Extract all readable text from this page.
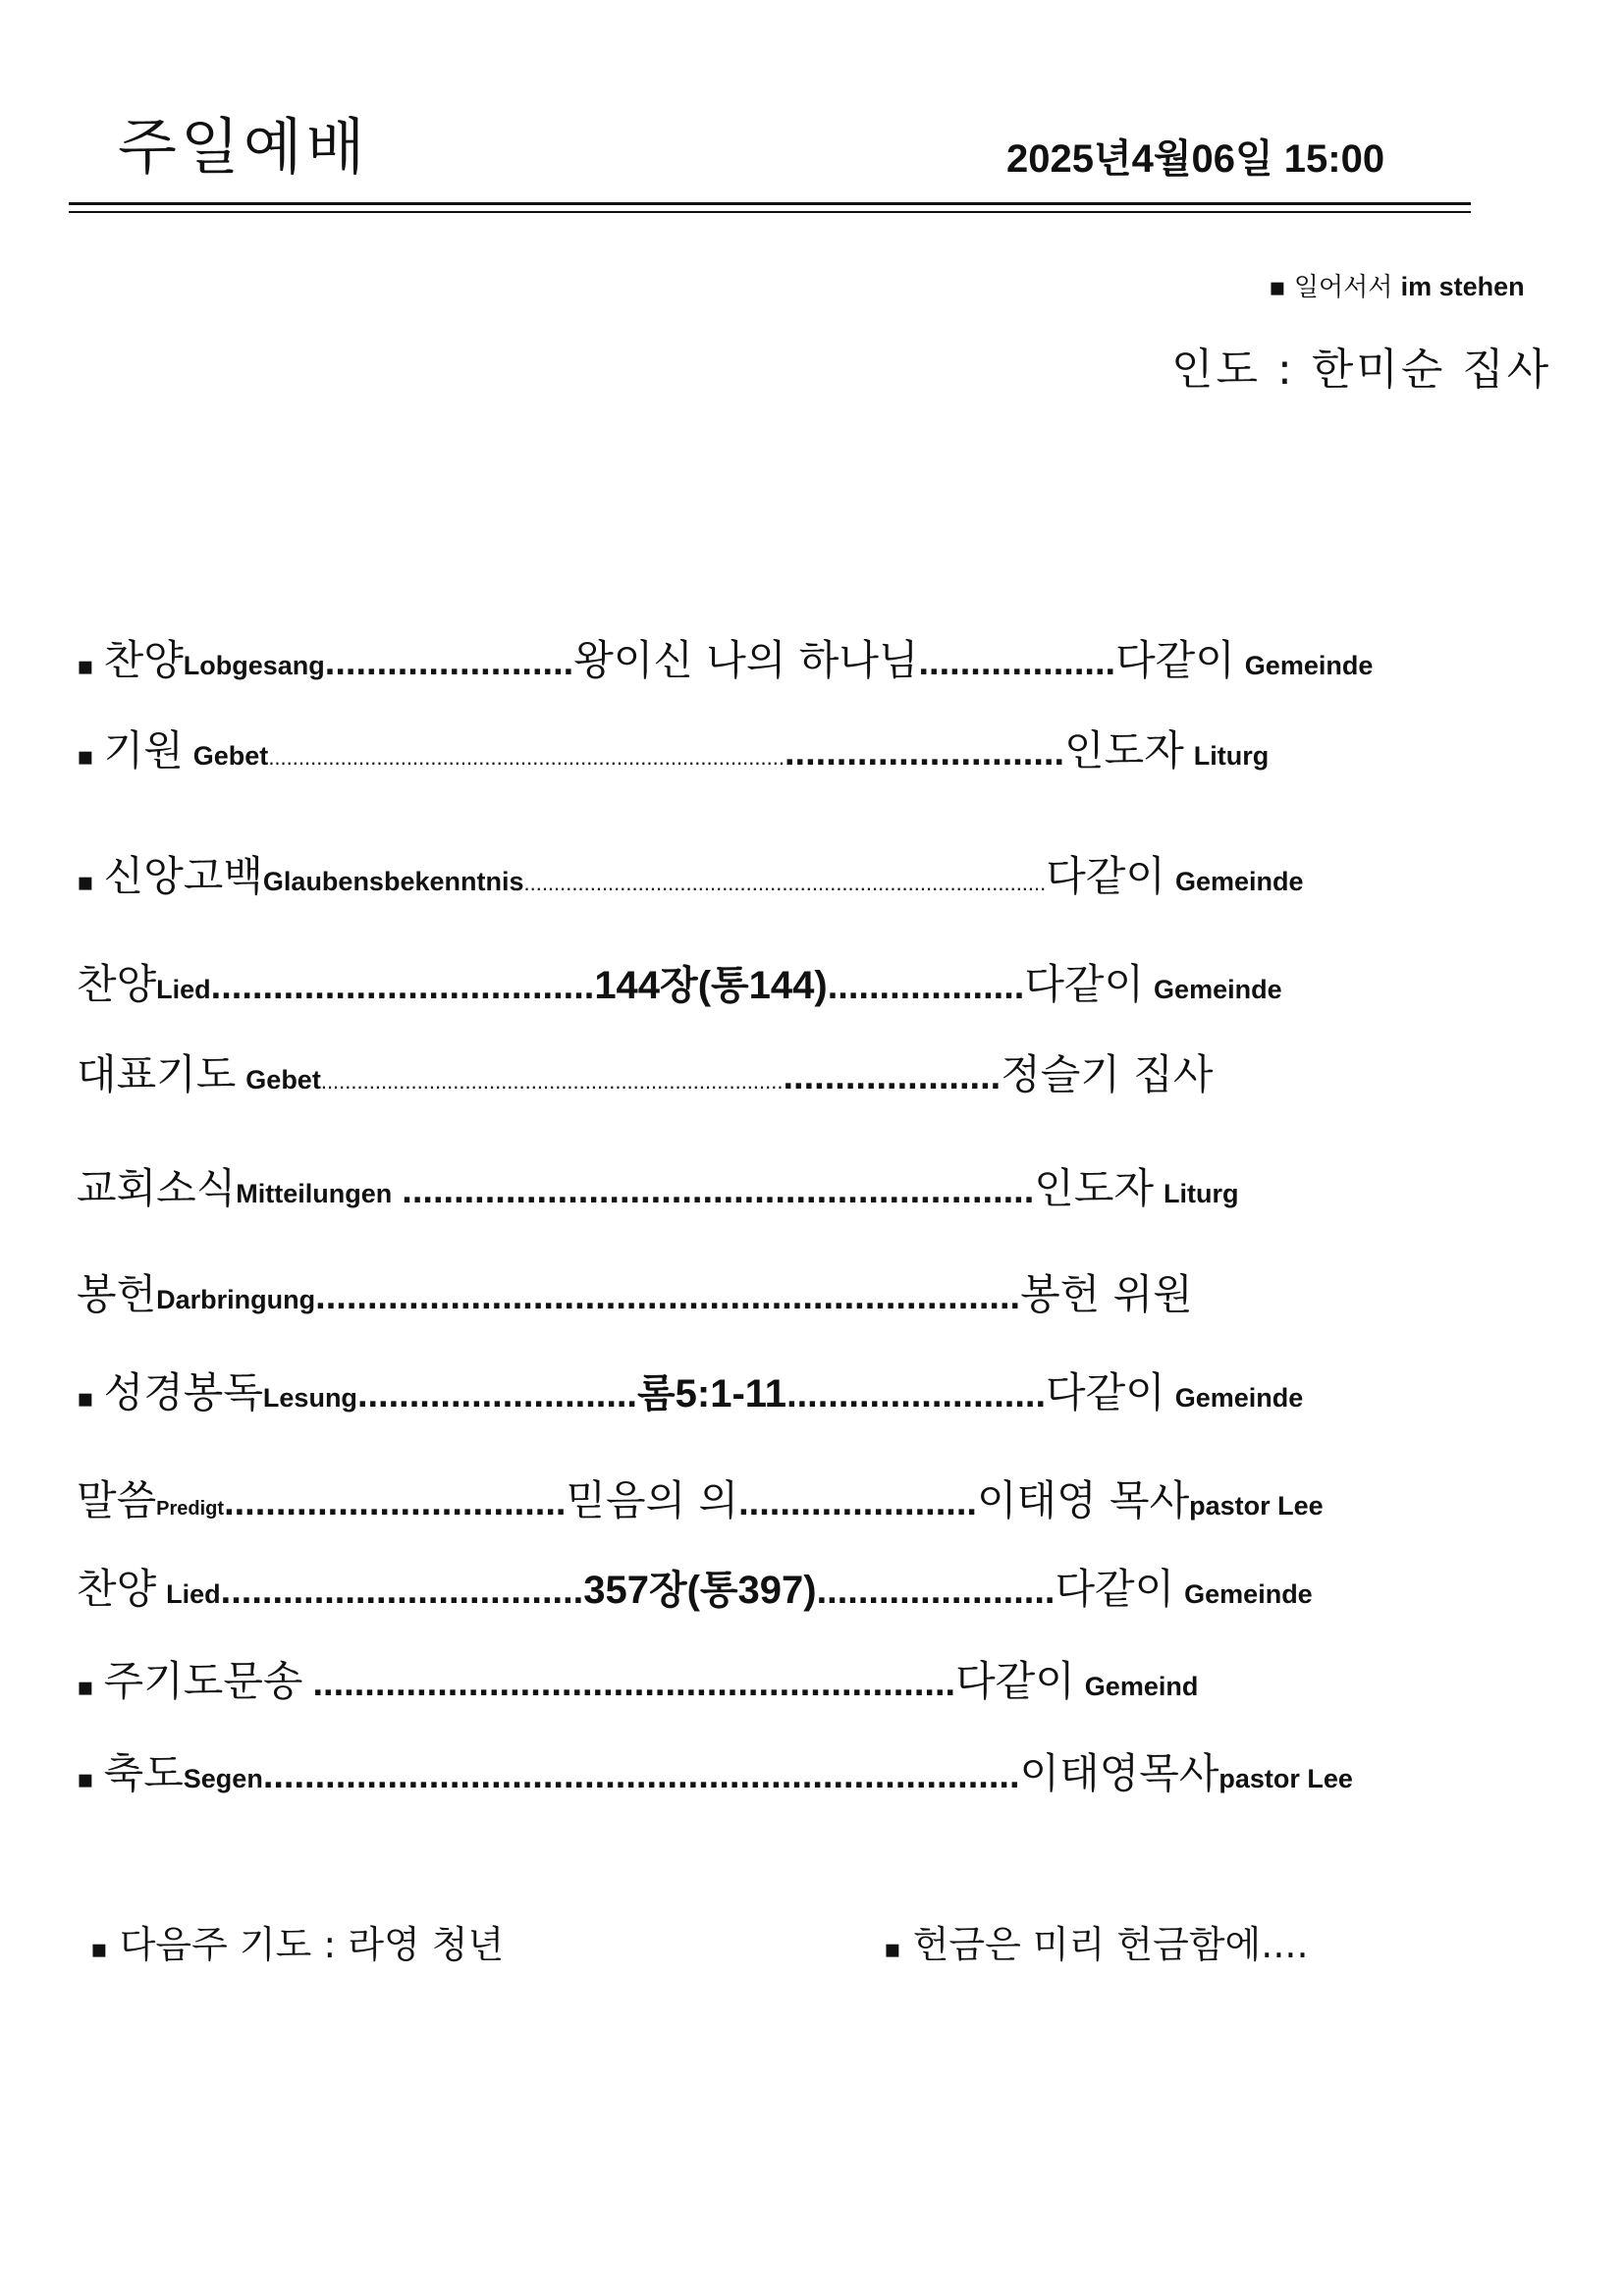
주일예배	2025년4월06일 15:00
▪ 일어서서 im stehen
인도 : 한미순 집사
▪ 찬양 Lobgesang ........................ 왕이신 나의 하나님 ................... 다같이 Gemeinde
▪ 기원 Gebet ...................................................................................... ........................... 인도자 Liturg
▪ 신앙고백 Glaubensbekenntnis ....................................................................................... 다같이 Gemeinde
찬양 Lied ..................................... 144장(통144) ................... 다같이 Gemeinde
대표기도 Gebet ............................................................................. ..................... 정슬기 집사
교회소식 Mitteilungen ............................................................. 인도자 Liturg
봉헌 Darbringung .................................................................... 봉헌 위원
▪ 성경봉독 Lesung ........................... 롬5:1-11 ......................... 다같이 Gemeinde
말씀 Predigt ................................. 믿음의 의 ....................... 이태영 목사 pastor Lee
찬양 Lied ................................... 357장(통397) ....................... 다같이 Gemeinde
▪ 주기도문송 .............................................................. 다같이 Gemeind
▪ 축도 Segen ......................................................................... 이태영목사 pastor Lee
▪ 다음주 기도 : 라영 청년	▪ 헌금은 미리 헌금함에....
